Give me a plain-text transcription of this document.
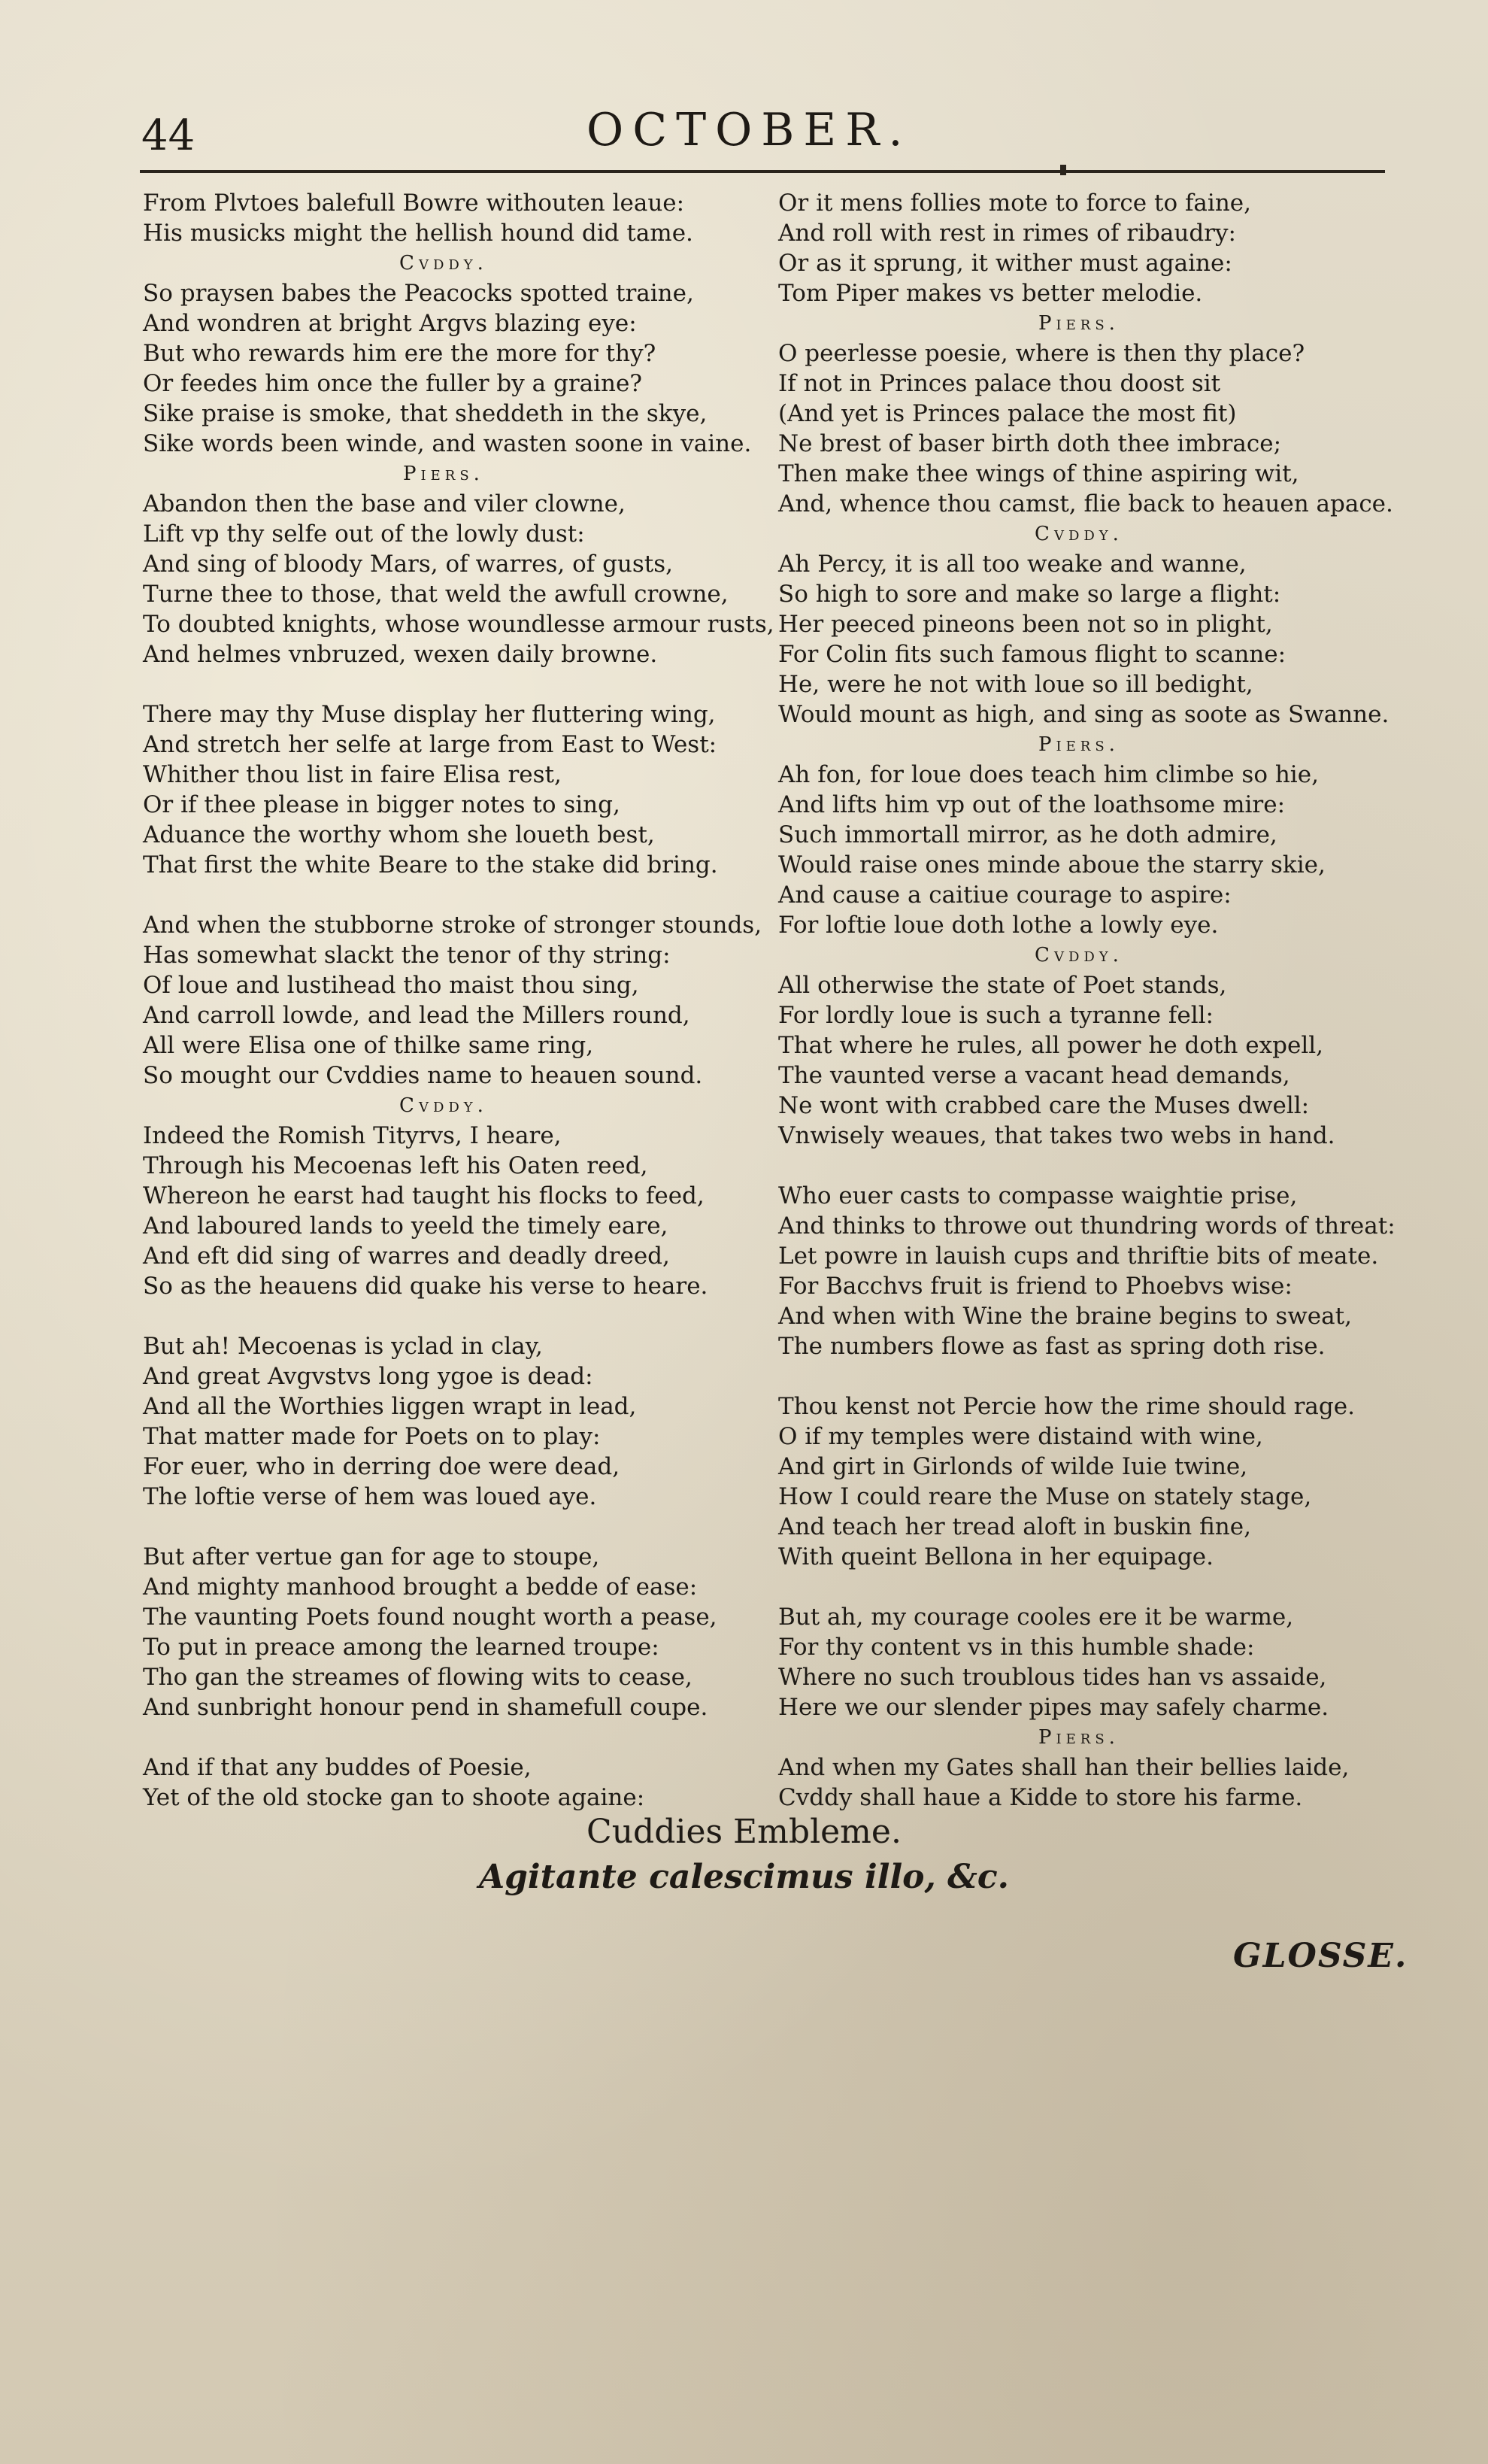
44	OCTOBER.
From Plvtoes balefull Bowre withouten leaue:
His musicks might the hellish hound did tame.
Cvddy.
So praysen babes the Peacocks spotted traine,
And wondren at bright Argvs blazing eye:
But who rewards him ere the more for thy?
Or feedes him once the fuller by a graine?
Sike praise is smoke, that sheddeth in the skye,
Sike words been winde, and wasten soone in vaine.
Piers.
Abandon then the base and viler clowne,
Lift vp thy selfe out of the lowly dust:
And sing of bloody Mars, of warres, of gusts,
Turne thee to those, that weld the awfull crowne,
To doubted knights, whose woundlesse armour rusts,
And helmes vnbruzed, wexen daily browne.
There may thy Muse display her fluttering wing,
And stretch her selfe at large from East to West:
Whither thou list in faire Elisa rest,
Or if thee please in bigger notes to sing,
Aduance the worthy whom she loueth best,
That first the white Beare to the stake did bring.
And when the stubborne stroke of stronger stounds,
Has somewhat slackt the tenor of thy string:
Of loue and lustihead tho maist thou sing,
And carroll lowde, and lead the Millers round,
All were Elisa one of thilke same ring,
So mought our Cvddies name to heauen sound.
Cvddy.
Indeed the Romish Tityrvs, I heare,
Through his Mecoenas left his Oaten reed,
Whereon he earst had taught his flocks to feed,
And laboured lands to yeeld the timely eare,
And eft did sing of warres and deadly dreed,
So as the heauens did quake his verse to heare.
But ah! Mecoenas is yclad in clay,
And great Avgvstvs long ygoe is dead:
And all the Worthies liggen wrapt in lead,
That matter made for Poets on to play:
For euer, who in derring doe were dead,
The loftie verse of hem was loued aye.
But after vertue gan for age to stoupe,
And mighty manhood brought a bedde of ease:
The vaunting Poets found nought worth a pease,
To put in preace among the learned troupe:
Tho gan the streames of flowing wits to cease,
And sunbright honour pend in shamefull coupe.
And if that any buddes of Poesie,
Yet of the old stocke gan to shoote againe:
Or it mens follies mote to force to faine,
And roll with rest in rimes of ribaudry:
Or as it sprung, it wither must againe:
Tom Piper makes vs better melodie.
Piers.
O peerlesse poesie, where is then thy place?
If not in Princes palace thou doost sit
(And yet is Princes palace the most fit)
Ne brest of baser birth doth thee imbrace;
Then make thee wings of thine aspiring wit,
And, whence thou camst, flie back to heauen apace.
Cvddy.
Ah Percy, it is all too weake and wanne,
So high to sore and make so large a flight:
Her peeced pineons been not so in plight,
For Colin fits such famous flight to scanne:
He, were he not with loue so ill bedight,
Would mount as high, and sing as soote as Swanne.
Piers.
Ah fon, for loue does teach him climbe so hie,
And lifts him vp out of the loathsome mire:
Such immortall mirror, as he doth admire,
Would raise ones minde aboue the starry skie,
And cause a caitiue courage to aspire:
For loftie loue doth lothe a lowly eye.
Cvddy.
All otherwise the state of Poet stands,
For lordly loue is such a tyranne fell:
That where he rules, all power he doth expell,
The vaunted verse a vacant head demands,
Ne wont with crabbed care the Muses dwell:
Vnwisely weaues, that takes two webs in hand.
Who euer casts to compasse waightie prise,
And thinks to throwe out thundring words of threat:
Let powre in lauish cups and thriftie bits of meate.
For Bacchvs fruit is friend to Phoebvs wise:
And when with Wine the braine begins to sweat,
The numbers flowe as fast as spring doth rise.
Thou kenst not Percie how the rime should rage.
O if my temples were distaind with wine,
And girt in Girlonds of wilde Iuie twine,
How I could reare the Muse on stately stage,
And teach her tread aloft in buskin fine,
With queint Bellona in her equipage.
But ah, my courage cooles ere it be warme,
For thy content vs in this humble shade:
Where no such troublous tides han vs assaide,
Here we our slender pipes may safely charme.
Piers.
And when my Gates shall han their bellies laide,
Cvddy shall haue a Kidde to store his farme.
Cuddies Embleme.
Agitante calescimus illo, &c.
GLOSSE.
